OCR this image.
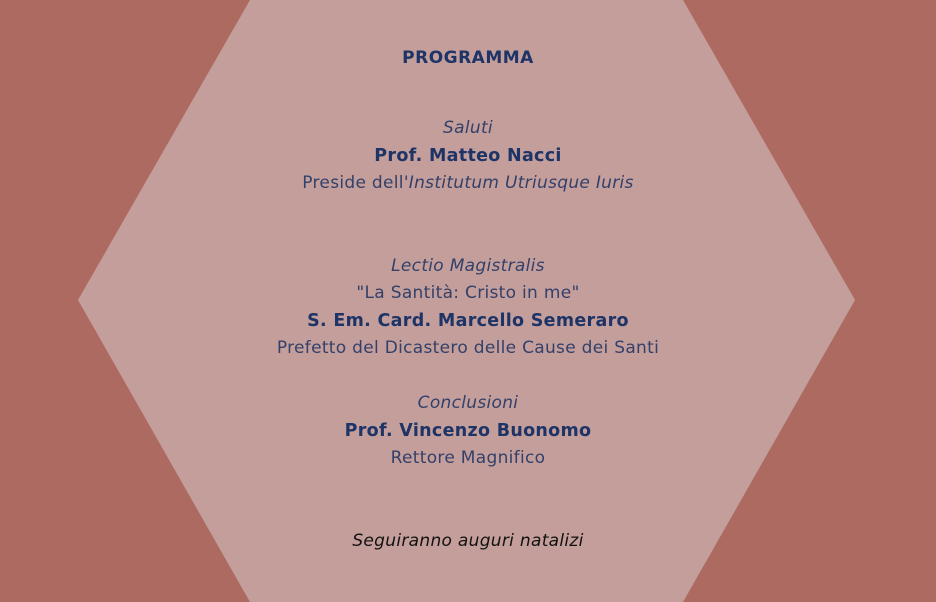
PROGRAMMA
Saluti
Prof. Matteo Nacci
Preside dell'Institutum Utriusque Iuris
Lectio Magistralis
"La Santità: Cristo in me"
S. Em. Card. Marcello Semeraro
Prefetto del Dicastero delle Cause dei Santi
Conclusioni
Prof. Vincenzo Buonomo
Rettore Magnifico
Seguiranno auguri natalizi
